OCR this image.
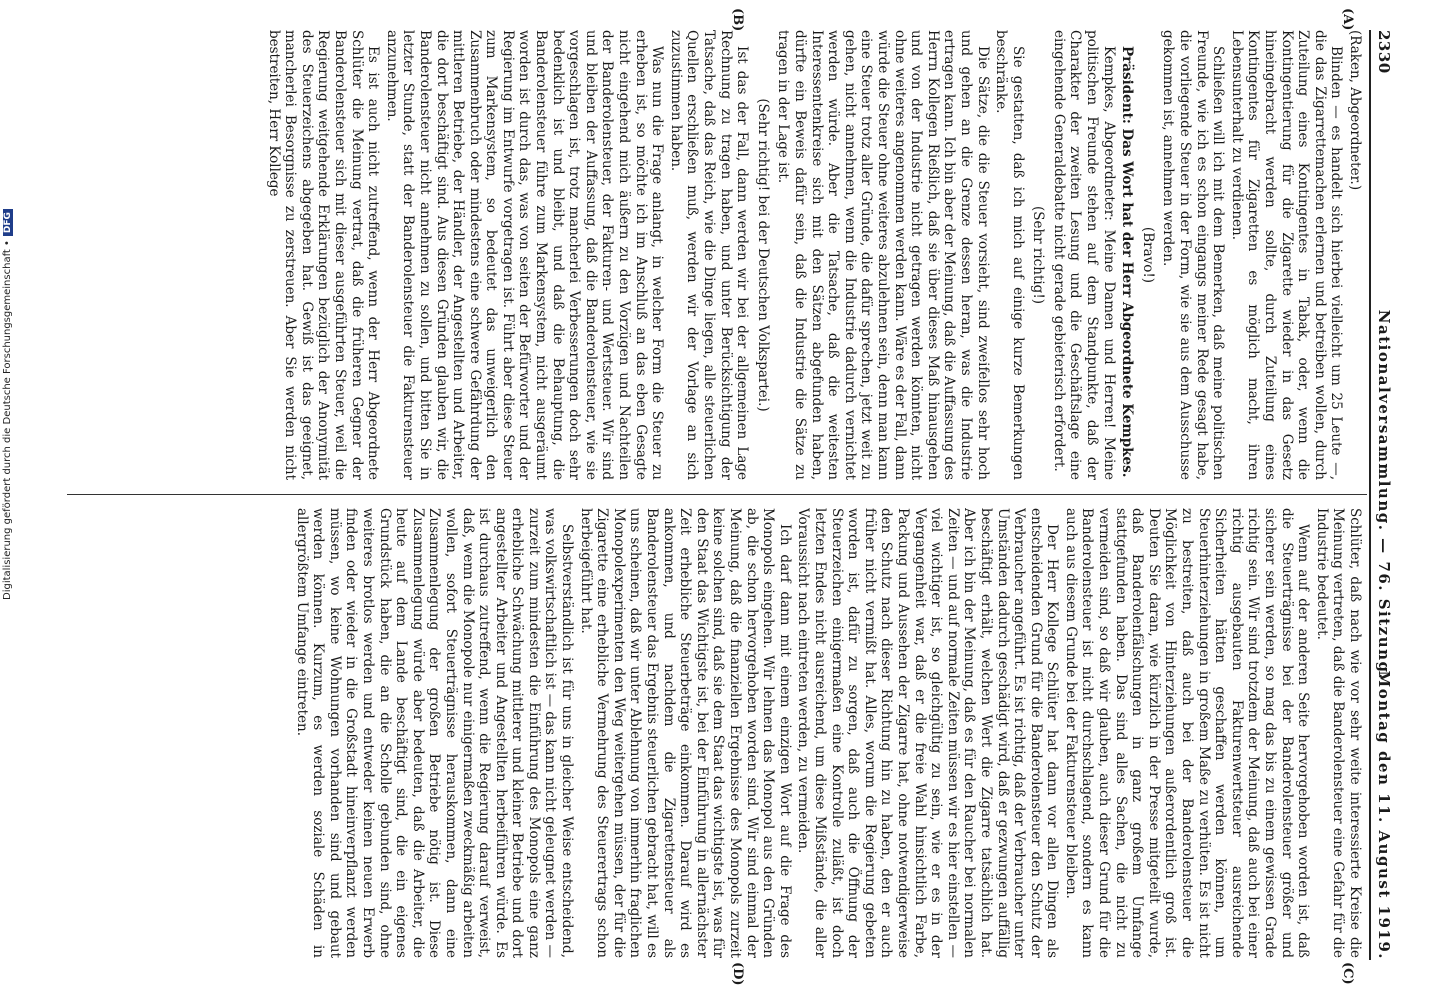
2330
Nationalversammlung. — 76. Sitzung.
Montag den 11. August 1919.
(A)
(B)
(C)
(D)

(Raken, Abgeordneter.)

Blinden — es handelt sich hierbei vielleicht um 25 Leute —, die das Zigarrettemachen erlernen und betreiben wollen, durch Zuteilung eines Kontingentes in Tabak, oder, wenn die Kontingentierung für die Zigarette wieder in das Gesetz hineingebracht werden sollte, durch Zuteilung eines Kontingentes für Zigaretten es möglich macht, ihren Lebensunterhalt zu verdienen.

Schließen will ich mit dem Bemerken, daß meine politischen Freunde, wie ich es schon eingangs meiner Rede gesagt habe, die vorliegende Steuer in der Form, wie sie aus dem Ausschusse gekommen ist, annehmen werden.

(Bravo!)

Präsident: Das Wort hat der Herr Abgeordnete Kempkes.

Kempkes, Abgeordneter: Meine Damen und Herren! Meine politischen Freunde stehen auf dem Standpunkte, daß der Charakter der zweiten Lesung und die Geschäftslage eine eingehende Generaldebatte nicht gerade gebieterisch erfordert.

(Sehr richtig!)

Sie gestatten, daß ich mich auf einige kurze Bemerkungen beschränke.

Die Sätze, die die Steuer vorsieht, sind zweifellos sehr hoch und gehen an die Grenze dessen heran, was die Industrie ertragen kann. Ich bin aber der Meinung, daß die Auffassung des Herrn Kollegen Rießlich, daß sie über dieses Maß hinausgehen und von der Industrie nicht getragen werden könnten, nicht ohne weiteres angenommen werden kann. Wäre es der Fall, dann würde die Steuer ohne weiteres abzulehnen sein, denn man kann eine Steuer trotz aller Gründe, die dafür sprechen, jetzt weit zu gehen, nicht annehmen, wenn die Industrie dadurch vernichtet werden würde. Aber die Tatsache, daß die weitesten Interessentenkreise sich mit den Sätzen abgefunden haben, dürfte ein Beweis dafür sein, daß die Industrie die Sätze zu tragen in der Lage ist.

(Sehr richtig! bei der Deutschen Volkspartei.)

Ist das der Fall, dann werden wir bei der allgemeinen Lage Rechnung zu tragen haben, und unter Berücksichtigung der Tatsache, daß das Reich, wie die Dinge liegen, alle steuerlichen Quellen erschließen muß, werden wir der Vorlage an sich zuzustimmen haben.

Was nun die Frage anlangt, in welcher Form die Steuer zu erheben ist, so möchte ich im Anschluß an das eben Gesagte nicht eingehend mich äußern zu den Vorzügen und Nachteilen der Banderolensteuer, der Fakturen- und Wertsteuer. Wir sind und bleiben der Auffassung, daß die Banderolensteuer, wie sie vorgeschlagen ist, trotz mancherlei Verbesserungen doch sehr bedenklich ist und bleibt, und daß die Behauptung, die Banderolensteuer führe zum Markensystem, nicht ausgeräumt worden ist durch das, was von seiten der Befürworter und der Regierung im Entwurfe vorgetragen ist. Führt aber diese Steuer zum Markensystem, so bedeutet das unweigerlich den Zusammenbruch oder mindestens eine schwere Gefährdung der mittleren Betriebe, der Händler, der Angestellten und Arbeiter, die dort beschäftigt sind. Aus diesen Gründen glauben wir, die Banderolensteuer nicht annehmen zu sollen, und bitten Sie in letzter Stunde, statt der Banderolensteuer die Fakturensteuer anzunehmen.

Es ist auch nicht zutreffend, wenn der Herr Abgeordnete Schlüter die Meinung vertrat, daß die früheren Gegner der Banderolensteuer sich mit dieser ausgeführten Steuer, weil die Regierung weitgehende Erklärungen bezüglich der Anonymität des Steuerzeichens abgegeben hat. Gewiß ist das geeignet, mancherlei Besorgnisse zu zerstreuen. Aber Sie werden nicht bestreiten, Herr Kollege

Schlüter, daß nach wie vor sehr weite interessierte Kreise die Meinung vertreten, daß die Banderolensteuer eine Gefahr für die Industrie bedeutet.

Wenn auf der anderen Seite hervorgehoben worden ist, daß die Steuerträgnisse bei der Banderolensteuer größer und sicherer sein werden, so mag das bis zu einem gewissen Grade richtig sein. Wir sind trotzdem der Meinung, daß auch bei einer richtig ausgebauten Fakturenwertsteuer ausreichende Sicherheiten hätten geschaffen werden können, um Steuerhinterziehungen in großem Maße zu verhüten. Es ist nicht zu bestreiten, daß auch bei der Banderolensteuer die Möglichkeit von Hinterziehungen außerordentlich groß ist. Deuten Sie daran, wie kürzlich in der Presse mitgeteilt wurde, daß Banderolenfälschungen in ganz großem Umfange stattgefunden haben. Das sind alles Sachen, die nicht zu vermeiden sind, so daß wir glauben, auch dieser Grund für die Banderolensteuer ist nicht durchschlagend, sondern es kann auch aus diesem Grunde bei der Fakturensteuer bleiben.

Der Herr Kollege Schlüter hat dann vor allen Dingen als entscheidenden Grund für die Banderolensteuer den Schutz der Verbraucher angeführt. Es ist richtig, daß der Verbraucher unter Umständen dadurch geschädigt wird, daß er gezwungen auffällig beschäftigt erhält, welchen Wert die Zigarre tatsächlich hat. Aber ich bin der Meinung, daß es für den Raucher bei normalen Zeiten — und auf normale Zeiten müssen wir es hier einstellen — viel wichtiger ist, so gleichgültig zu sein, wie er es in der Vergangenheit war, daß er die freie Wahl hinsichtlich Farbe, Packung und Aussehen der Zigarre hat, ohne notwendigerweise den Schutz nach dieser Richtung hin zu haben, den er auch früher nicht vermißt hat. Alles, worum die Regierung gebeten worden ist, dafür zu sorgen, daß auch die Öffnung der Steuerzeichen einigermaßen eine Kontrolle zuläßt, ist doch letzten Endes nicht ausreichend, um diese Mißstände, die aller Voraussicht nach eintreten werden, zu vermeiden.

Ich darf dann mit einem einzigen Wort auf die Frage des Monopols eingehen. Wir lehnen das Monopol aus den Gründen ab, die schon hervorgehoben worden sind. Wir sind einmal der Meinung, daß die finanziellen Ergebnisse des Monopols zurzeit keine solchen sind, daß sie dem Staat das wichtigste ist, was für den Staat das Wichtigste ist, bei der Einführung in allernächster Zeit erhebliche Steuerbeträge einkommen. Darauf wird es ankommen, und nachdem die Zigarettensteuer als Banderolensteuer das Ergebnis steuerlichen gebracht hat, will es uns scheinen, daß wir unter Ablehnung von immerhin fraglichen Monopolexperimenten den Weg weitergehen müssen, der für die Zigarette eine erhebliche Vermehrung des Steuerertrags schon herbeigeführt hat.

Selbstverständlich ist für uns in gleicher Weise entscheidend, was volkswirtschaftlich ist — das kann nicht geleugnet werden — zurzeit zum mindesten die Einführung des Monopols eine ganz erhebliche Schwächung mittlerer und kleiner Betriebe und dort angestellter Arbeiter und Angestellten herbeiführen würde. Es ist durchaus zutreffend, wenn die Regierung darauf verweist, daß, wenn die Monopole nur einigermaßen zweckmäßig arbeiten wollen, sofort Steuerträgnisse herauskommen, dann eine Zusammenlegung der großen Betriebe nötig ist. Diese Zusammenlegung würde aber bedeuten, daß die Arbeiter, die heute auf dem Lande beschäftigt sind, die ein eigenes Grundstück haben, die an die Scholle gebunden sind, ohne weiteres brotlos werden und entweder keinen neuen Erwerb finden oder wieder in die Großstadt hineinverpflanzt werden müssen, wo keine Wohnungen vorhanden sind und gebaut werden können. Kurzum, es werden soziale Schäden in allergrößtem Umfange eintreten.

Digitalisierung gefördert durch die Deutsche Forschungsgemeinschaft •DFG
